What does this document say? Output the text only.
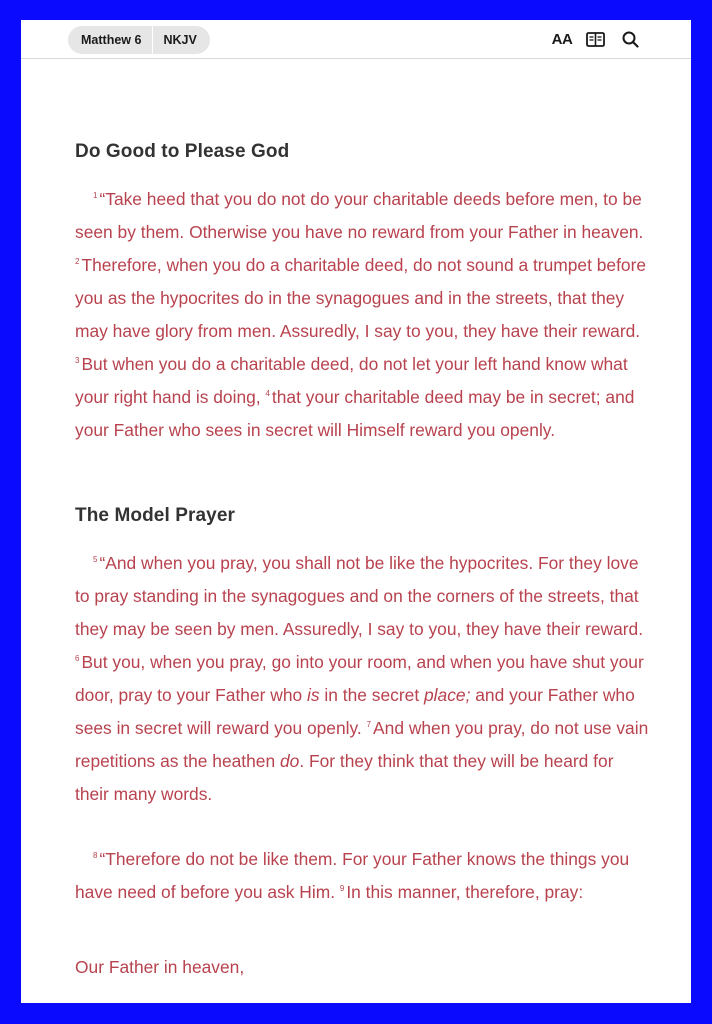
Matthew 6	NKJV	AA
Do Good to Please God

$^1$ “Take heed that you do not do your charitable deeds before men, to be seen by them. Otherwise you have no reward from your Father in heaven. $^2$ Therefore, when you do a charitable deed, do not sound a trumpet before you as the hypocrites do in the synagogues and in the streets, that they may have glory from men. Assuredly, I say to you, they have their reward. $^3$ But when you do a charitable deed, do not let your left hand know what your right hand is doing, $^4$ that your charitable deed may be in secret; and your Father who sees in secret will Himself reward you openly.

The Model Prayer

$^5$ “And when you pray, you shall not be like the hypocrites. For they love to pray standing in the synagogues and on the corners of the streets, that they may be seen by men. Assuredly, I say to you, they have their reward. $^6$ But you, when you pray, go into your room, and when you have shut your door, pray to your Father who is in the secret place; and your Father who sees in secret will reward you openly. $^7$ And when you pray, do not use vain repetitions as the heathen do. For they think that they will be heard for their many words.

$^8$ “Therefore do not be like them. For your Father knows the things you have need of before you ask Him. $^9$ In this manner, therefore, pray:

Our Father in heaven,
